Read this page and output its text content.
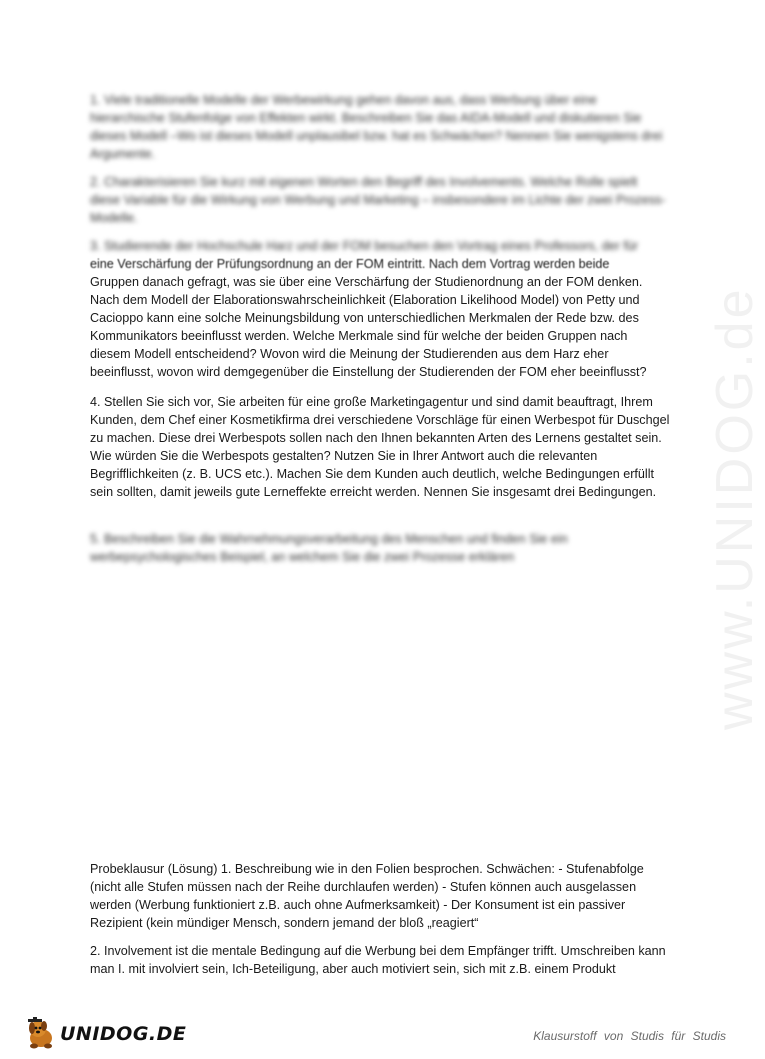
www.UNIDOG.de

1. Viele traditionelle Modelle der Werbewirkung gehen davon aus, dass Werbung über eine hierarchische Stufenfolge von Effekten wirkt. Beschreiben Sie das AIDA-Modell und diskutieren Sie dieses Modell –Wo ist dieses Modell unplausibel bzw. hat es Schwächen? Nennen Sie wenigstens drei Argumente.

2. Charakterisieren Sie kurz mit eigenen Worten den Begriff des Involvements. Welche Rolle spielt diese Variable für die Wirkung von Werbung und Marketing – insbesondere im Lichte der zwei Prozess-Modelle.

3. Studierende der Hochschule Harz und der FOM besuchen den Vortrag eines Professors, der für
eine Verschärfung der Prüfungsordnung an der FOM eintritt. Nach dem Vortrag werden beide

Gruppen danach gefragt, was sie über eine Verschärfung der Studienordnung an der FOM denken. Nach dem Modell der Elaborationswahrscheinlichkeit (Elaboration Likelihood Model) von Petty und Cacioppo kann eine solche Meinungsbildung von unterschiedlichen Merkmalen der Rede bzw. des Kommunikators beeinflusst werden. Welche Merkmale sind für welche der beiden Gruppen nach diesem Modell entscheidend? Wovon wird die Meinung der Studierenden aus dem Harz eher beeinflusst, wovon wird demgegenüber die Einstellung der Studierenden der FOM eher beeinflusst?

4. Stellen Sie sich vor, Sie arbeiten für eine große Marketingagentur und sind damit beauftragt, Ihrem Kunden, dem Chef einer Kosmetikfirma drei verschiedene Vorschläge für einen Werbespot für Duschgel zu machen. Diese drei Werbespots sollen nach den Ihnen bekannten Arten des Lernens gestaltet sein. Wie würden Sie die Werbespots gestalten? Nutzen Sie in Ihrer Antwort auch die relevanten Begrifflichkeiten (z. B. UCS etc.). Machen Sie dem Kunden auch deutlich, welche Bedingungen erfüllt sein sollten, damit jeweils gute Lerneffekte erreicht werden. Nennen Sie insgesamt drei Bedingungen.

5. Beschreiben Sie die Wahrnehmungsverarbeitung des Menschen und finden Sie ein werbepsychologisches Beispiel, an welchem Sie die zwei Prozesse erklären

Probeklausur (Lösung) 1. Beschreibung wie in den Folien besprochen. Schwächen: - Stufenabfolge (nicht alle Stufen müssen nach der Reihe durchlaufen werden) - Stufen können auch ausgelassen werden (Werbung funktioniert z.B. auch ohne Aufmerksamkeit) - Der Konsument ist ein passiver Rezipient (kein mündiger Mensch, sondern jemand der bloß „reagiert“

2. Involvement ist die mentale Bedingung auf die Werbung bei dem Empfänger trifft. Umschreiben kann man I. mit involviert sein, Ich-Beteiligung, aber auch motiviert sein, sich mit z.B. einem Produkt

UNIDOG.DE	Klausurstoff von Studis für Studis
